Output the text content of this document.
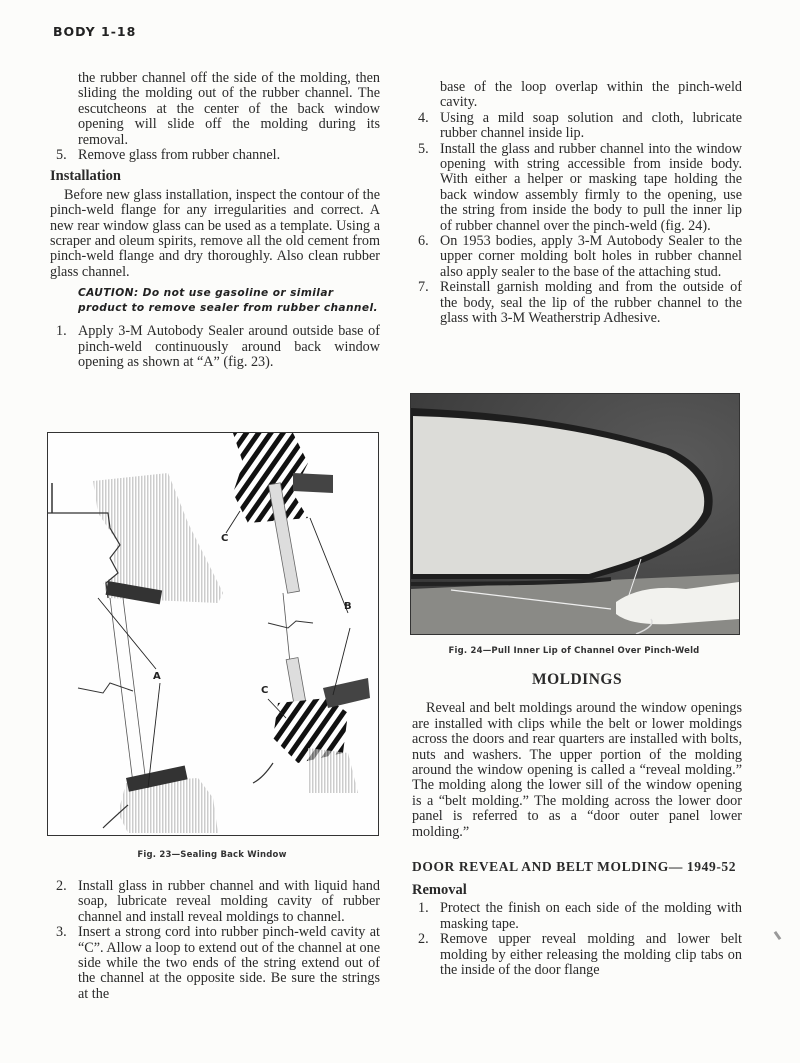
BODY 1-18

the rubber channel off the side of the molding, then sliding the molding out of the rubber channel. The escutcheons at the center of the back window opening will slide off the molding during its removal.

5. Remove glass from rubber channel.
Installation

Before new glass installation, inspect the contour of the pinch-weld flange for any irregularities and correct. A new rear window glass can be used as a template. Using a scraper and oleum spirits, remove all the old cement from pinch-weld flange and dry thoroughly. Also clean rubber glass channel.

CAUTION: Do not use gasoline or similar product to remove sealer from rubber channel.
1. Apply 3-M Autobody Sealer around outside base of pinch-weld continuously around back window opening as shown at “A” (fig. 23).
A
B
C
C
Fig. 23—Sealing Back Window
2. Install glass in rubber channel and with liquid hand soap, lubricate reveal molding cavity of rubber channel and install reveal moldings to channel.
3. Insert a strong cord into rubber pinch-weld cavity at “C”. Allow a loop to extend out of the channel at one side while the two ends of the string extend out of the channel at the opposite side. Be sure the strings at the

base of the loop overlap within the pinch-weld cavity.

4. Using a mild soap solution and cloth, lubricate rubber channel inside lip.
5. Install the glass and rubber channel into the window opening with string accessible from inside body. With either a helper or masking tape holding the back window assembly firmly to the opening, use the string from inside the body to pull the inner lip of rubber channel over the pinch-weld (fig. 24).
6. On 1953 bodies, apply 3-M Autobody Sealer to the upper corner molding bolt holes in rubber channel also apply sealer to the base of the attaching stud.
7. Reinstall garnish molding and from the outside of the body, seal the lip of the rubber channel to the glass with 3-M Weatherstrip Adhesive.
Fig. 24—Pull Inner Lip of Channel Over Pinch-Weld
MOLDINGS

Reveal and belt moldings around the window openings are installed with clips while the belt or lower moldings across the doors and rear quarters are installed with bolts, nuts and washers. The upper portion of the molding around the window opening is called a “reveal molding.” The molding along the lower sill of the window opening is a “belt molding.” The molding across the lower door panel is referred to as a “door outer panel lower molding.”

DOOR REVEAL AND BELT MOLDING— 1949-52
Removal
1. Protect the finish on each side of the molding with masking tape.
2. Remove upper reveal molding and lower belt molding by either releasing the molding clip tabs on the inside of the door flange
